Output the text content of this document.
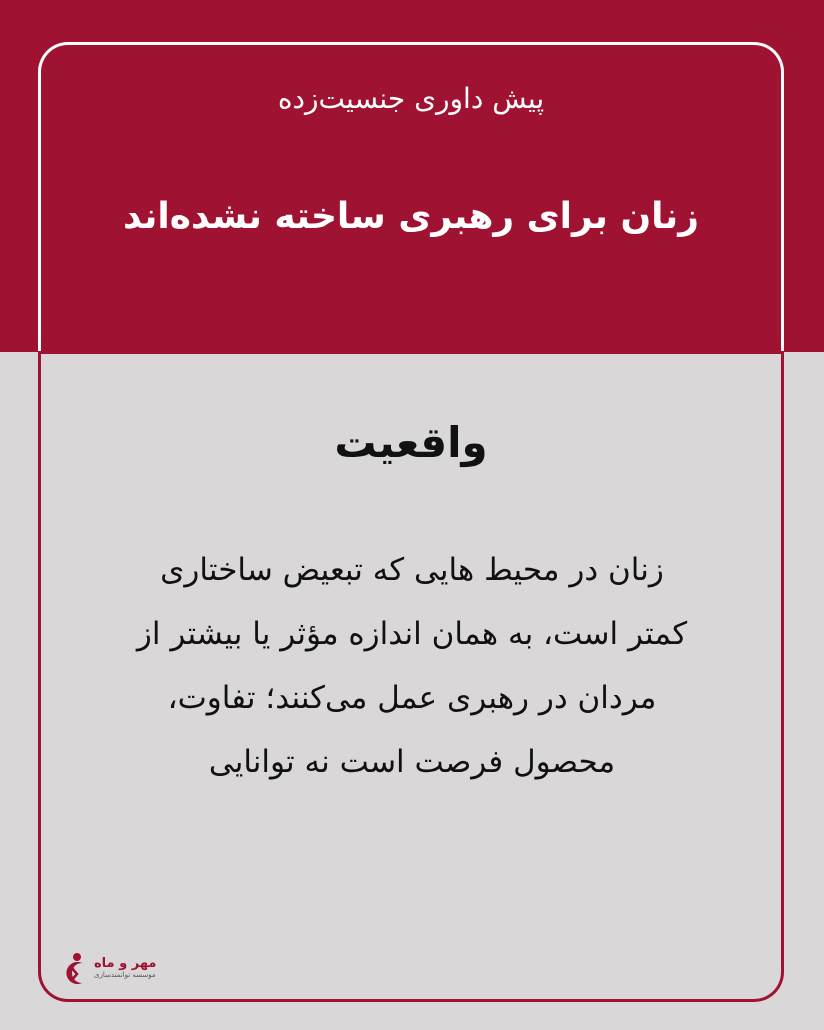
پیش داوری جنسیت‌زده
زنان برای رهبری ساخته نشده‌اند
واقعیت
زنان در محیط هایی که تبعیض ساختاری
کمتر است، به همان اندازه مؤثر یا بیشتر از
مردان در رهبری عمل می‌کنند؛ تفاوت،
محصول فرصت است نه توانایی
مهر و ماه
موسسه توانمندسازی
